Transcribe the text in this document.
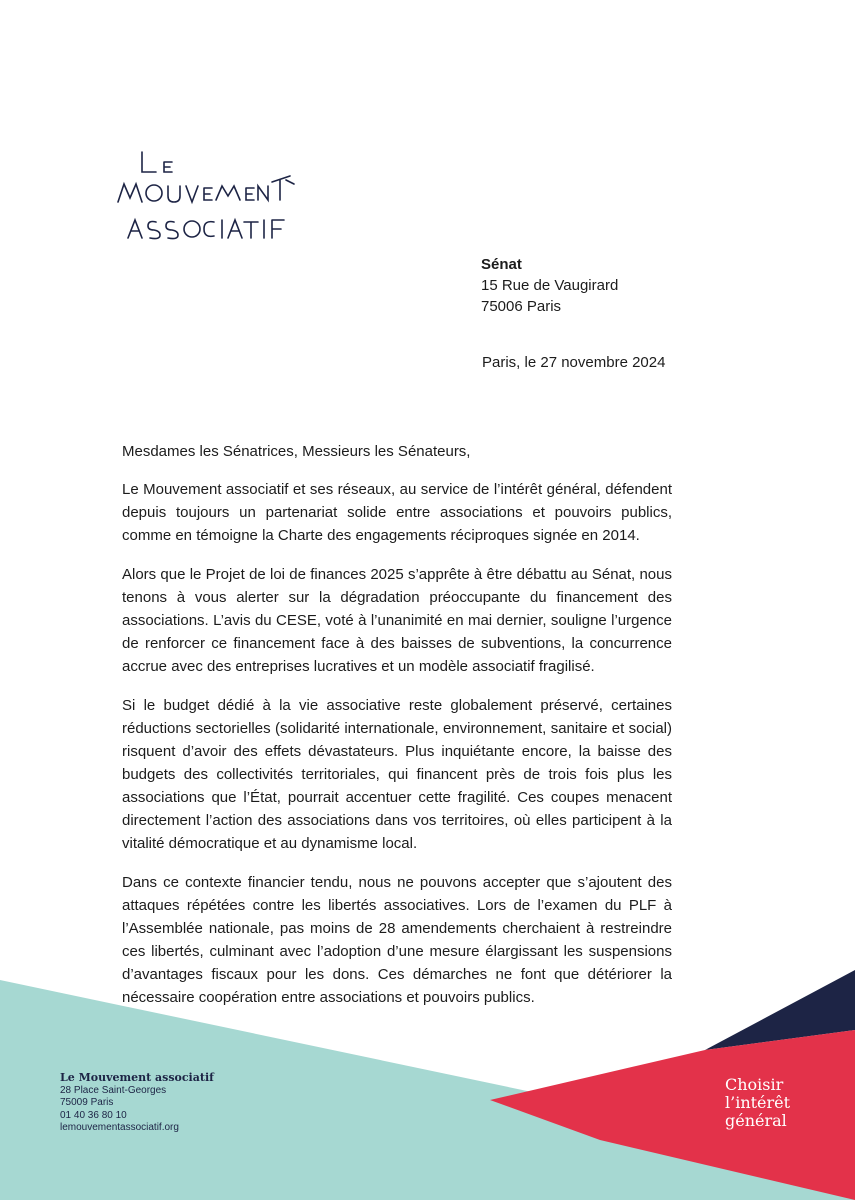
Sénat
15 Rue de Vaugirard
75006 Paris
Paris, le 27 novembre 2024

Mesdames les Sénatrices, Messieurs les Sénateurs,

Le Mouvement associatif et ses réseaux, au service de l’intérêt général, défendent depuis toujours un partenariat solide entre associations et pouvoirs publics, comme en témoigne la Charte des engagements réciproques signée en 2014.

Alors que le Projet de loi de finances 2025 s’apprête à être débattu au Sénat, nous tenons à vous alerter sur la dégradation préoccupante du financement des associations. L’avis du CESE, voté à l’unanimité en mai dernier, souligne l’urgence de renforcer ce financement face à des baisses de subventions, la concurrence accrue avec des entreprises lucratives et un modèle associatif fragilisé.

Si le budget dédié à la vie associative reste globalement préservé, certaines réductions sectorielles (solidarité internationale, environnement, sanitaire et social) risquent d’avoir des effets dévastateurs. Plus inquiétante encore, la baisse des budgets des collectivités territoriales, qui financent près de trois fois plus les associations que l’État, pourrait accentuer cette fragilité. Ces coupes menacent directement l’action des associations dans vos territoires, où elles participent à la vitalité démocratique et au dynamisme local.

Dans ce contexte financier tendu, nous ne pouvons accepter que s’ajoutent des attaques répétées contre les libertés associatives. Lors de l’examen du PLF à l’Assemblée nationale, pas moins de 28 amendements cherchaient à restreindre ces libertés, culminant avec l’adoption d’une mesure élargissant les suspensions d’avantages fiscaux pour les dons. Ces démarches ne font que détériorer la nécessaire coopération entre associations et pouvoirs publics.

Le Mouvement associatif
28 Place Saint-Georges
75009 Paris
01 40 36 80 10
lemouvementassociatif.org
Choisir
l’intérêt
général
